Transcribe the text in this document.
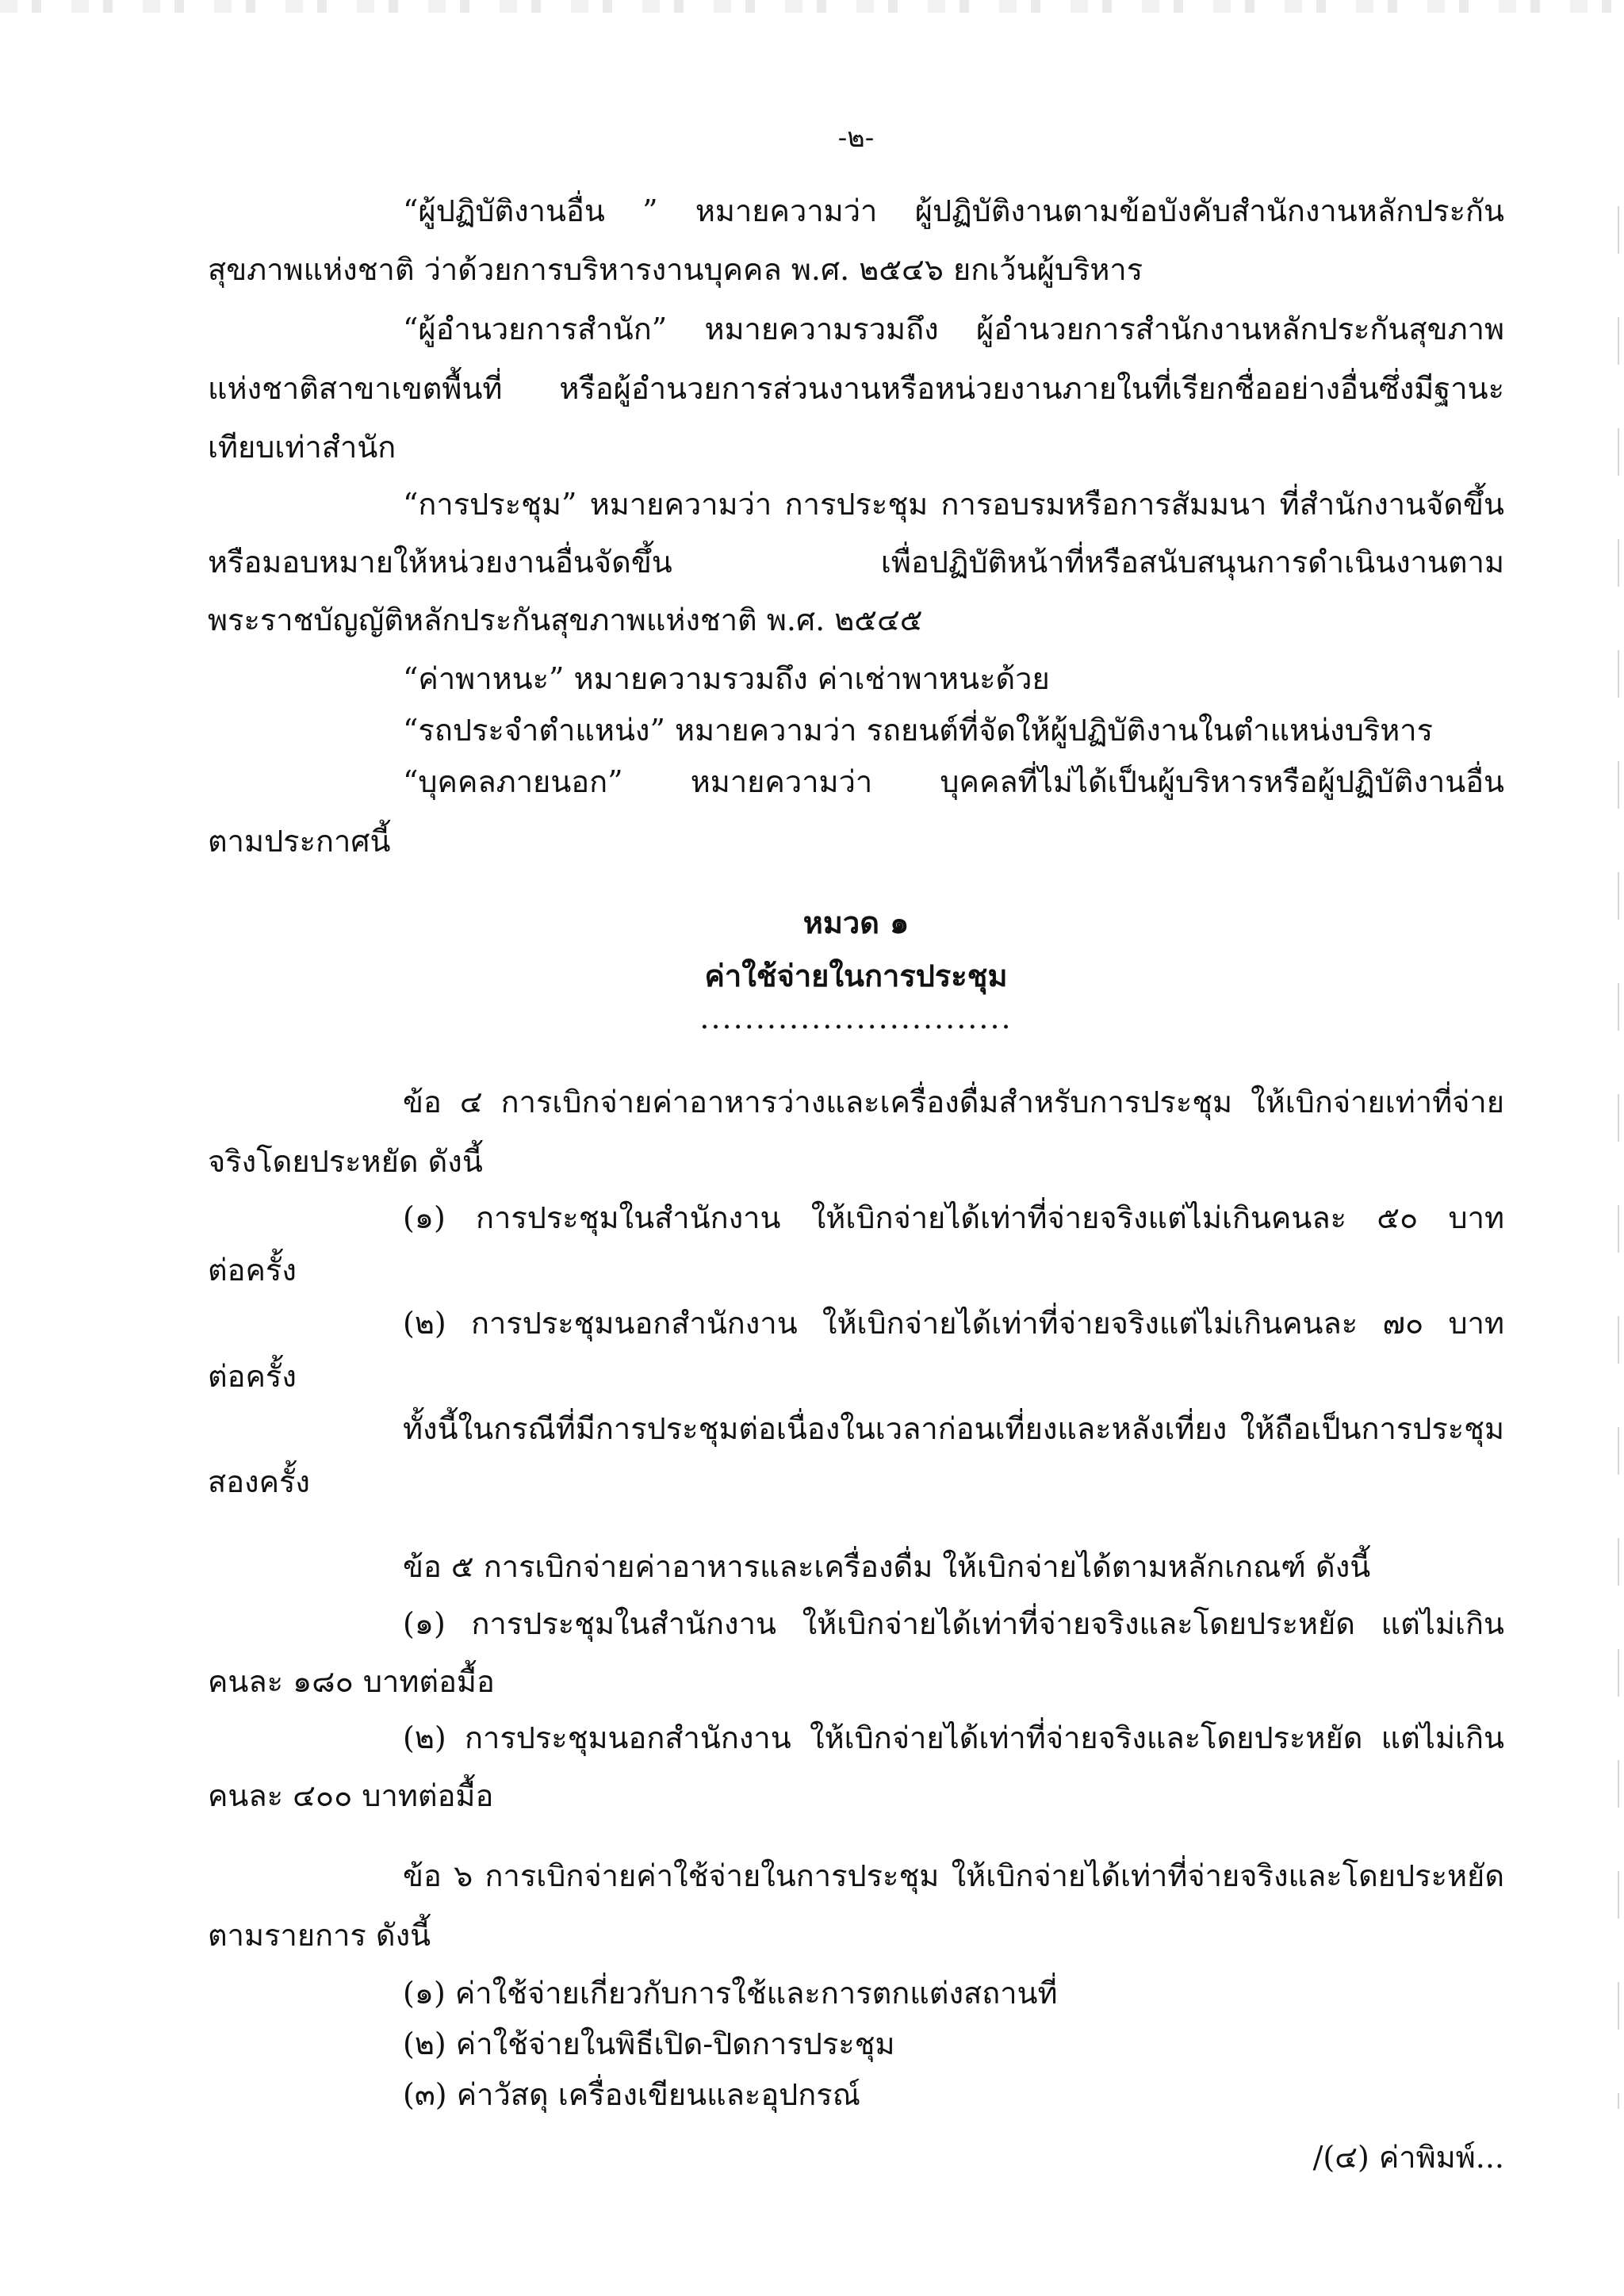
-๒-
“ผู้ปฏิบัติงานอื่น ” หมายความว่า ผู้ปฏิบัติงานตามข้อบังคับสำนักงานหลักประกัน
สุขภาพแห่งชาติ ว่าด้วยการบริหารงานบุคคล พ.ศ. ๒๕๔๖ ยกเว้นผู้บริหาร
“ผู้อำนวยการสำนัก” หมายความรวมถึง ผู้อำนวยการสำนักงานหลักประกันสุขภาพ
แห่งชาติสาขาเขตพื้นที่ หรือผู้อำนวยการส่วนงานหรือหน่วยงานภายในที่เรียกชื่ออย่างอื่นซึ่งมีฐานะ
เทียบเท่าสำนัก
“การประชุม” หมายความว่า การประชุม การอบรมหรือการสัมมนา ที่สำนักงานจัดขึ้น
หรือมอบหมายให้หน่วยงานอื่นจัดขึ้น เพื่อปฏิบัติหน้าที่หรือสนับสนุนการดำเนินงานตาม
พระราชบัญญัติหลักประกันสุขภาพแห่งชาติ พ.ศ. ๒๕๔๕
“ค่าพาหนะ” หมายความรวมถึง ค่าเช่าพาหนะด้วย
“รถประจำตำแหน่ง” หมายความว่า รถยนต์ที่จัดให้ผู้ปฏิบัติงานในตำแหน่งบริหาร
“บุคคลภายนอก” หมายความว่า บุคคลที่ไม่ได้เป็นผู้บริหารหรือผู้ปฏิบัติงานอื่น
ตามประกาศนี้
หมวด ๑
ค่าใช้จ่ายในการประชุม
............................
ข้อ ๔ การเบิกจ่ายค่าอาหารว่างและเครื่องดื่มสำหรับการประชุม ให้เบิกจ่ายเท่าที่จ่าย
จริงโดยประหยัด ดังนี้
(๑) การประชุมในสำนักงาน ให้เบิกจ่ายได้เท่าที่จ่ายจริงแต่ไม่เกินคนละ ๕๐ บาท
ต่อครั้ง
(๒) การประชุมนอกสำนักงาน ให้เบิกจ่ายได้เท่าที่จ่ายจริงแต่ไม่เกินคนละ ๗๐ บาท
ต่อครั้ง
ทั้งนี้ในกรณีที่มีการประชุมต่อเนื่องในเวลาก่อนเที่ยงและหลังเที่ยง ให้ถือเป็นการประชุม
สองครั้ง
ข้อ ๕ การเบิกจ่ายค่าอาหารและเครื่องดื่ม ให้เบิกจ่ายได้ตามหลักเกณฑ์ ดังนี้
(๑) การประชุมในสำนักงาน ให้เบิกจ่ายได้เท่าที่จ่ายจริงและโดยประหยัด แต่ไม่เกิน
คนละ ๑๘๐ บาทต่อมื้อ
(๒) การประชุมนอกสำนักงาน ให้เบิกจ่ายได้เท่าที่จ่ายจริงและโดยประหยัด แต่ไม่เกิน
คนละ ๔๐๐ บาทต่อมื้อ
ข้อ ๖ การเบิกจ่ายค่าใช้จ่ายในการประชุม ให้เบิกจ่ายได้เท่าที่จ่ายจริงและโดยประหยัด
ตามรายการ ดังนี้
(๑) ค่าใช้จ่ายเกี่ยวกับการใช้และการตกแต่งสถานที่
(๒) ค่าใช้จ่ายในพิธีเปิด-ปิดการประชุม
(๓) ค่าวัสดุ เครื่องเขียนและอุปกรณ์
/(๔) ค่าพิมพ์...
